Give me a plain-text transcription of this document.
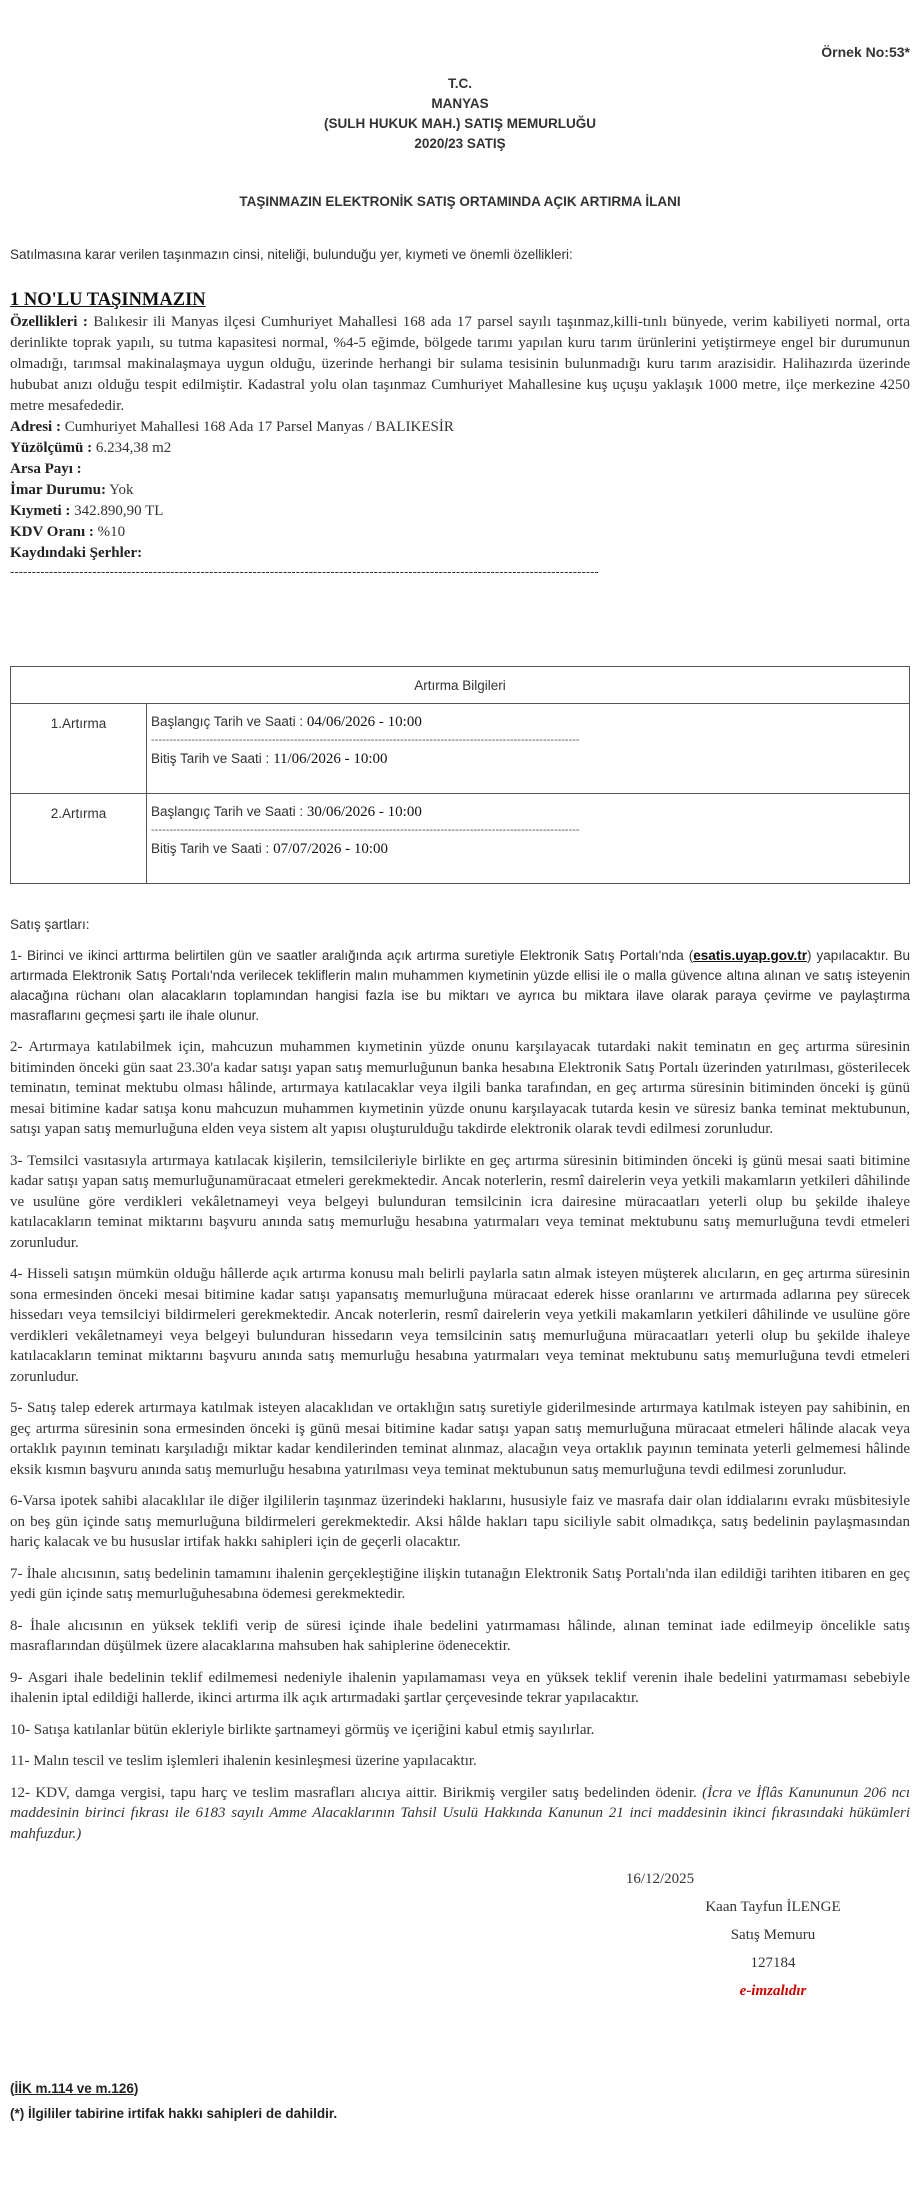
Örnek No:53*
T.C.
MANYAS
(SULH HUKUK MAH.) SATIŞ MEMURLUĞU
2020/23 SATIŞ
TAŞINMAZIN ELEKTRONİK SATIŞ ORTAMINDA AÇIK ARTIRMA İLANI
Satılmasına karar verilen taşınmazın cinsi, niteliği, bulunduğu yer, kıymeti ve önemli özellikleri:
1 NO'LU TAŞINMAZIN
Özellikleri : Balıkesir ili Manyas ilçesi Cumhuriyet Mahallesi 168 ada 17 parsel sayılı taşınmaz,killi-tınlı bünyede, verim kabiliyeti normal, orta derinlikte toprak yapılı, su tutma kapasitesi normal, %4-5 eğimde, bölgede tarımı yapılan kuru tarım ürünlerini yetiştirmeye engel bir durumunun olmadığı, tarımsal makinalaşmaya uygun olduğu, üzerinde herhangi bir sulama tesisinin bulunmadığı kuru tarım arazisidir. Halihazırda üzerinde hububat anızı olduğu tespit edilmiştir. Kadastral yolu olan taşınmaz Cumhuriyet Mahallesine kuş uçuşu yaklaşık 1000 metre, ilçe merkezine 4250 metre mesafededir.
Adresi : Cumhuriyet Mahallesi 168 Ada 17 Parsel Manyas / BALIKESİR
Yüzölçümü : 6.234,38 m2
Arsa Payı :
İmar Durumu: Yok
Kıymeti : 342.890,90 TL
KDV Oranı : %10
Kaydındaki Şerhler:
----------------------------------------------------------------------------------------------------------------------------------------
Artırma Bilgileri	
1.Artırma	Başlangıç Tarih ve Saati : 04/06/2026 - 10:00
---------------------------------------------------------------------------------------------------------------------
Bitiş Tarih ve Saati : 11/06/2026 - 10:00

2.Artırma	Başlangıç Tarih ve Saati : 30/06/2026 - 10:00
---------------------------------------------------------------------------------------------------------------------
Bitiş Tarih ve Saati : 07/07/2026 - 10:00
Satış şartları:

1- Birinci ve ikinci arttırma belirtilen gün ve saatler aralığında açık artırma suretiyle Elektronik Satış Portalı'nda (esatis.uyap.gov.tr) yapılacaktır. Bu artırmada Elektronik Satış Portalı'nda verilecek tekliflerin malın muhammen kıymetinin yüzde ellisi ile o malla güvence altına alınan ve satış isteyenin alacağına rüchanı olan alacakların toplamından hangisi fazla ise bu miktarı ve ayrıca bu miktara ilave olarak paraya çevirme ve paylaştırma masraflarını geçmesi şartı ile ihale olunur.

2- Artırmaya katılabilmek için, mahcuzun muhammen kıymetinin yüzde onunu karşılayacak tutardaki nakit teminatın en geç artırma süresinin bitiminden önceki gün saat 23.30'a kadar satışı yapan satış memurluğunun banka hesabına Elektronik Satış Portalı üzerinden yatırılması, gösterilecek teminatın, teminat mektubu olması hâlinde, artırmaya katılacaklar veya ilgili banka tarafından, en geç artırma süresinin bitiminden önceki iş günü mesai bitimine kadar satışa konu mahcuzun muhammen kıymetinin yüzde onunu karşılayacak tutarda kesin ve süresiz banka teminat mektubunun, satışı yapan satış memurluğuna elden veya sistem alt yapısı oluşturulduğu takdirde elektronik olarak tevdi edilmesi zorunludur.

3- Temsilci vasıtasıyla artırmaya katılacak kişilerin, temsilcileriyle birlikte en geç artırma süresinin bitiminden önceki iş günü mesai saati bitimine kadar satışı yapan satış memurluğunamüracaat etmeleri gerekmektedir. Ancak noterlerin, resmî dairelerin veya yetkili makamların yetkileri dâhilinde ve usulüne göre verdikleri vekâletnameyi veya belgeyi bulunduran temsilcinin icra dairesine müracaatları yeterli olup bu şekilde ihaleye katılacakların teminat miktarını başvuru anında satış memurluğu hesabına yatırmaları veya teminat mektubunu satış memurluğuna tevdi etmeleri zorunludur.

4- Hisseli satışın mümkün olduğu hâllerde açık artırma konusu malı belirli paylarla satın almak isteyen müşterek alıcıların, en geç artırma süresinin sona ermesinden önceki mesai bitimine kadar satışı yapansatış memurluğuna müracaat ederek hisse oranlarını ve artırmada adlarına pey sürecek hissedarı veya temsilciyi bildirmeleri gerekmektedir. Ancak noterlerin, resmî dairelerin veya yetkili makamların yetkileri dâhilinde ve usulüne göre verdikleri vekâletnameyi veya belgeyi bulunduran hissedarın veya temsilcinin satış memurluğuna müracaatları yeterli olup bu şekilde ihaleye katılacakların teminat miktarını başvuru anında satış memurluğu hesabına yatırmaları veya teminat mektubunu satış memurluğuna tevdi etmeleri zorunludur.

5- Satış talep ederek artırmaya katılmak isteyen alacaklıdan ve ortaklığın satış suretiyle giderilmesinde artırmaya katılmak isteyen pay sahibinin, en geç artırma süresinin sona ermesinden önceki iş günü mesai bitimine kadar satışı yapan satış memurluğuna müracaat etmeleri hâlinde alacak veya ortaklık payının teminatı karşıladığı miktar kadar kendilerinden teminat alınmaz, alacağın veya ortaklık payının teminata yeterli gelmemesi hâlinde eksik kısmın başvuru anında satış memurluğu hesabına yatırılması veya teminat mektubunun satış memurluğuna tevdi edilmesi zorunludur.

6-Varsa ipotek sahibi alacaklılar ile diğer ilgililerin taşınmaz üzerindeki haklarını, hususiyle faiz ve masrafa dair olan iddialarını evrakı müsbitesiyle on beş gün içinde satış memurluğuna bildirmeleri gerekmektedir. Aksi hâlde hakları tapu siciliyle sabit olmadıkça, satış bedelinin paylaşmasından hariç kalacak ve bu hususlar irtifak hakkı sahipleri için de geçerli olacaktır.

7- İhale alıcısının, satış bedelinin tamamını ihalenin gerçekleştiğine ilişkin tutanağın Elektronik Satış Portalı'nda ilan edildiği tarihten itibaren en geç yedi gün içinde satış memurluğuhesabına ödemesi gerekmektedir.

8- İhale alıcısının en yüksek teklifi verip de süresi içinde ihale bedelini yatırmaması hâlinde, alınan teminat iade edilmeyip öncelikle satış masraflarından düşülmek üzere alacaklarına mahsuben hak sahiplerine ödenecektir.

9- Asgari ihale bedelinin teklif edilmemesi nedeniyle ihalenin yapılamaması veya en yüksek teklif verenin ihale bedelini yatırmaması sebebiyle ihalenin iptal edildiği hallerde, ikinci artırma ilk açık artırmadaki şartlar çerçevesinde tekrar yapılacaktır.

10- Satışa katılanlar bütün ekleriyle birlikte şartnameyi görmüş ve içeriğini kabul etmiş sayılırlar.

11- Malın tescil ve teslim işlemleri ihalenin kesinleşmesi üzerine yapılacaktır.

12- KDV, damga vergisi, tapu harç ve teslim masrafları alıcıya aittir. Birikmiş vergiler satış bedelinden ödenir. (İcra ve İflâs Kanununun 206 ncı maddesinin birinci fıkrası ile 6183 sayılı Amme Alacaklarının Tahsil Usulü Hakkında Kanunun 21 inci maddesinin ikinci fıkrasındaki hükümleri mahfuzdur.)

16/12/2025
Kaan Tayfun İLENGE
Satış Memuru
127184
e-imzalıdır
(İİK m.114 ve m.126)
(*) İlgililer tabirine irtifak hakkı sahipleri de dahildir.
